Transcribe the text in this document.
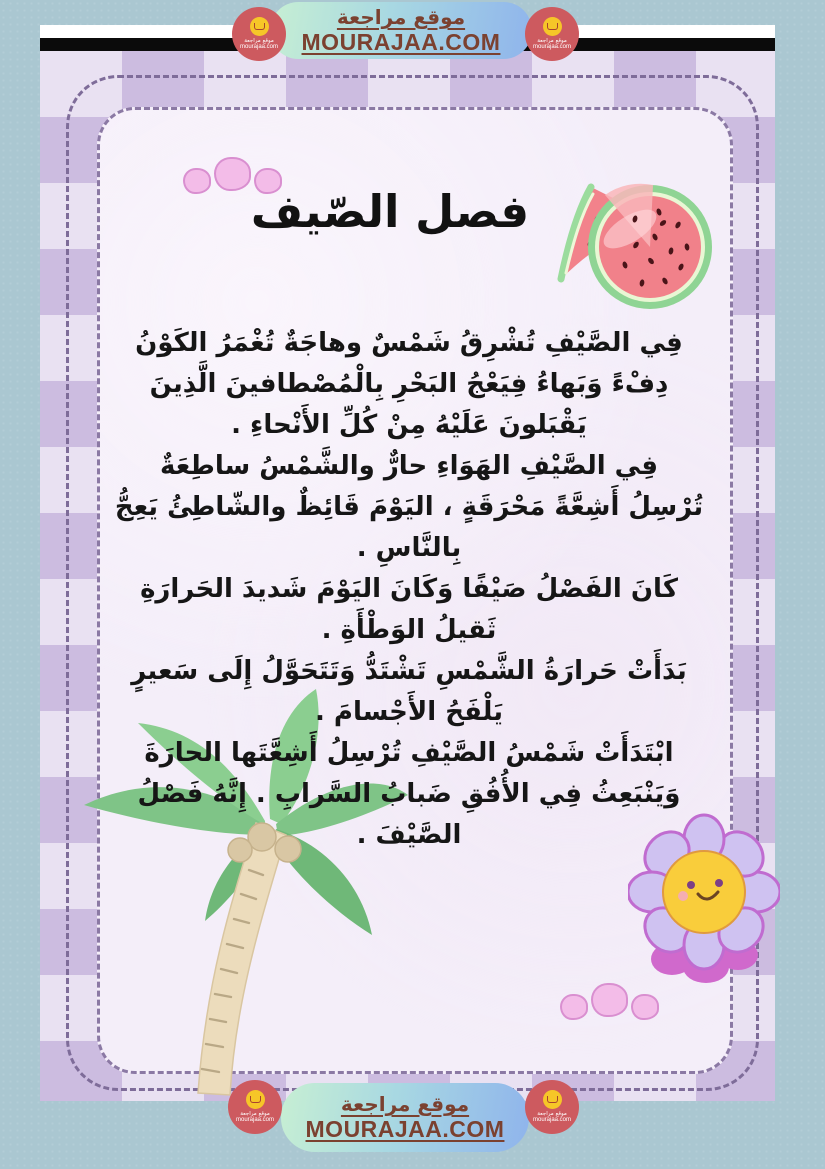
فصل الصّيف
فِي الصَّيْفِ تُشْرِقُ شَمْسٌ وهاجَةٌ تُغْمَرُ الكَوْنُ
دِفْءً وَبَهاءُ فِيَعْجُ البَحْرِ بِالْمُصْطافينَ الَّذِينَ
يَقْبَلونَ عَلَيْهُ مِنْ كُلِّ الأَنْحاءِ .
فِي الصَّيْفِ الهَوَاءِ حارٌّ والشَّمْسُ ساطِعَةٌ
تُرْسِلُ أَشِعَّةً مَحْرَقَةٍ ، اليَوْمَ قَائِظٌ والشّاطِئُ يَعِجُّ
بِالنَّاسِ .
كَانَ الفَصْلُ صَيْفًا وَكَانَ اليَوْمَ شَديدَ الحَرارَةِ
ثَقيلُ الوَطْأَةِ .
بَدَأَتْ حَرارَةُ الشَّمْسِ تَشْتَدُّ وَتَتَحَوَّلُ إِلَى سَعيرٍ
يَلْفَحُ الأَجْسامَ .
ابْتَدَأَتْ شَمْسُ الصَّيْفِ تُرْسِلُ أَشِعَّتَها الحارَةَ
وَيَنْبَعِثُ فِي الأُفُقِ ضَبابُ السَّرابِ . إِنَّهُ فَصْلُ
الصَّيْفَ .
موقع مراجعة
MOURAJAA.COM
موقع مراجعة
mourajaa.com
موقع مراجعة
mourajaa.com
موقع مراجعة
MOURAJAA.COM
موقع مراجعة
mourajaa.com
موقع مراجعة
mourajaa.com
